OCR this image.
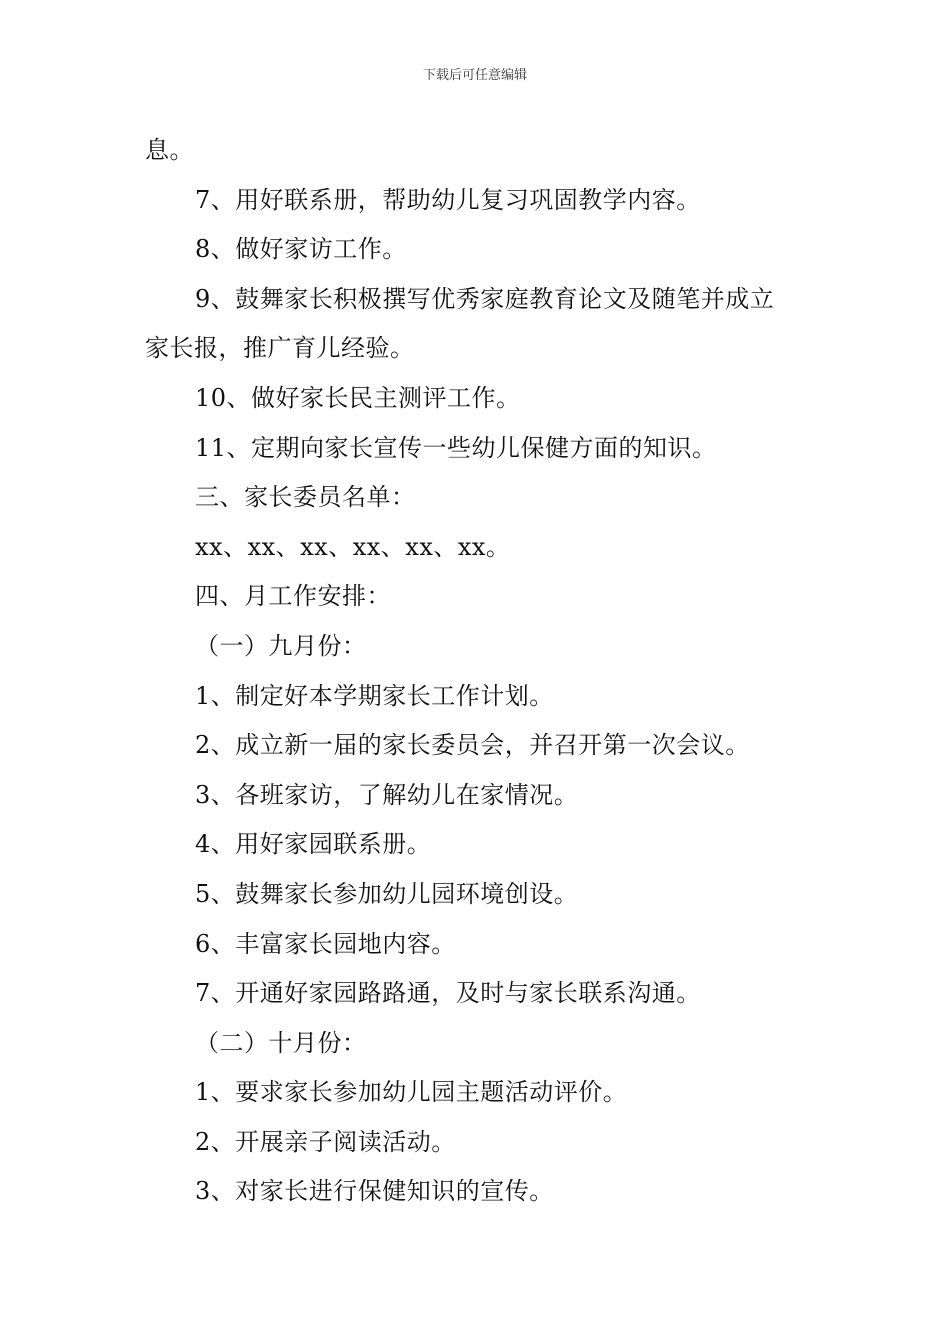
下载后可任意编辑
息。
7、用好联系册，帮助幼儿复习巩固教学内容。
8、做好家访工作。
9、鼓舞家长积极撰写优秀家庭教育论文及随笔并成立
家长报，推广育儿经验。
10、做好家长民主测评工作。
11、定期向家长宣传一些幼儿保健方面的知识。
三、家长委员名单：
xx、xx、xx、xx、xx、xx。
四、月工作安排：
（一）九月份：
1、制定好本学期家长工作计划。
2、成立新一届的家长委员会，并召开第一次会议。
3、各班家访，了解幼儿在家情况。
4、用好家园联系册。
5、鼓舞家长参加幼儿园环境创设。
6、丰富家长园地内容。
7、开通好家园路路通，及时与家长联系沟通。
（二）十月份：
1、要求家长参加幼儿园主题活动评价。
2、开展亲子阅读活动。
3、对家长进行保健知识的宣传。
